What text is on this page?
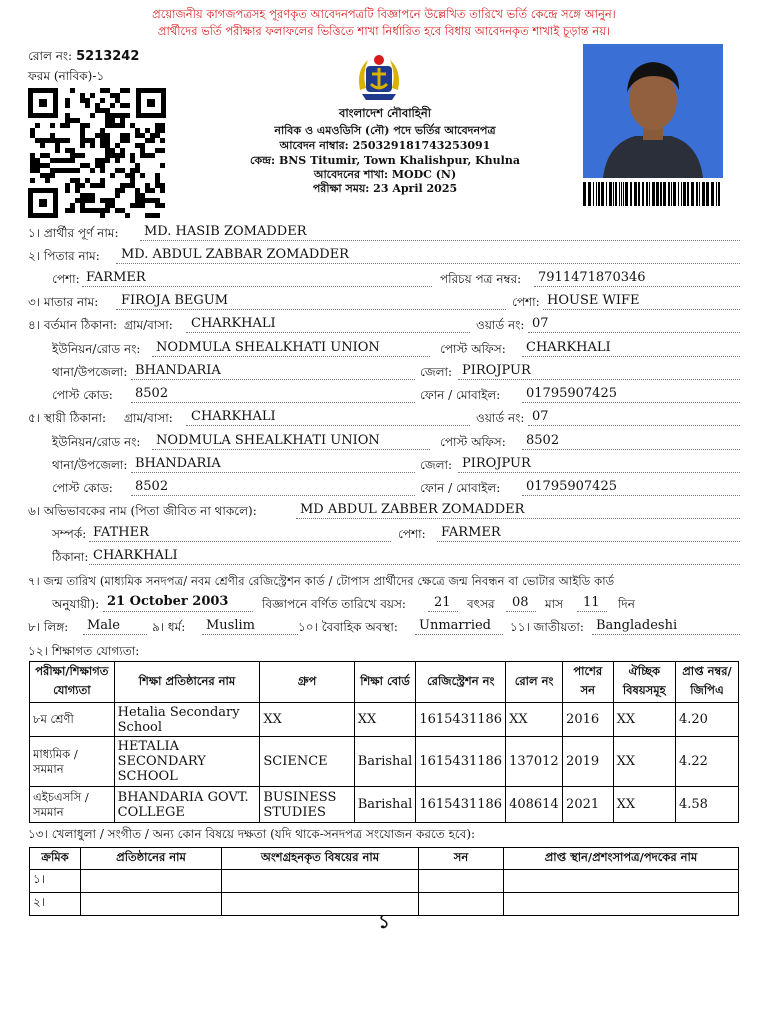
প্রয়োজনীয় কাগজপত্রসহ পূরণকৃত আবেদনপত্রটি বিজ্ঞাপনে উল্লেখিত তারিখে ভর্তি কেন্দ্রে সঙ্গে আনুন।
প্রার্থীদের ভর্তি পরীক্ষার ফলাফলের ভিত্তিতে শাখা নির্ধারিত হবে বিধায় আবেদনকৃত শাখাই চূড়ান্ত নয়।
রোল নং: 5213242
ফরম (নাবিক)-১
বাংলাদেশ নৌবাহিনী
নাবিক ও এমওডিসি (নৌ) পদে ভর্তির আবেদনপত্র
আবেদন নাম্বার: 250329181743253091
কেন্দ্র: BNS Titumir, Town Khalishpur, Khulna
আবেদনের শাখা: MODC (N)
পরীক্ষা সময়: 23 April 2025
১। প্রার্থীর পূর্ণ নাম: MD. HASIB ZOMADDER
২। পিতার নাম: MD. ABDUL ZABBAR ZOMADDER
পেশা: FARMER	পরিচয় পত্র নম্বর: 7911471870346
৩। মাতার নাম: FIROJA BEGUM	পেশা: HOUSE WIFE
৪। বর্তমান ঠিকানা: গ্রাম/বাসা: CHARKHALI	ওয়ার্ড নং: 07
ইউনিয়ন/রোড নং: NODMULA SHEALKHATI UNION	পোস্ট অফিস: CHARKHALI
থানা/উপজেলা: BHANDARIA	জেলা: PIROJPUR
পোস্ট কোড: 8502	ফোন / মোবাইল: 01795907425
৫। স্থায়ী ঠিকানা: গ্রাম/বাসা: CHARKHALI	ওয়ার্ড নং: 07
ইউনিয়ন/রোড নং: NODMULA SHEALKHATI UNION	পোস্ট অফিস: 8502
থানা/উপজেলা: BHANDARIA	জেলা: PIROJPUR
পোস্ট কোড: 8502	ফোন / মোবাইল: 01795907425
৬। অভিভাবকের নাম (পিতা জীবিত না থাকলে):	MD ABDUL ZABBER ZOMADDER
সম্পর্ক: FATHER	পেশা: FARMER
ঠিকানা: CHARKHALI
৭। জন্ম তারিখ (মাধ্যমিক সনদপত্র/ নবম শ্রেণীর রেজিস্ট্রেশন কার্ড / টোপাস প্রার্থীদের ক্ষেত্রে জন্ম নিবন্ধন বা ভোটার আইডি কার্ড
অনুযায়ী): 21 October 2003	বিজ্ঞাপনে বর্ণিত তারিখে বয়স: 21 বৎসর 08 মাস 11 দিন
৮। লিঙ্গ: Male	৯। ধর্ম: Muslim	১০। বৈবাহিক অবস্থা: Unmarried ১১। জাতীয়তা: Bangladeshi
১২। শিক্ষাগত যোগ্যতা:
পরীক্ষা/শিক্ষাগত যোগ্যতা	শিক্ষা প্রতিষ্ঠানের নাম	গ্রুপ	শিক্ষা বোর্ড	রেজিস্ট্রেশন নং	রোল নং	পাশের সন	ঐচ্ছিক বিষয়সমূহ	প্রাপ্ত নম্বর/জিপিএ
৮ম শ্রেণী	Hetalia Secondary School	XX	XX	1615431186	XX	2016	XX	4.20
মাধ্যমিক / সমমান	HETALIA SECONDARY SCHOOL	SCIENCE	Barishal	1615431186	137012	2019	XX	4.22
এইচএসসি / সমমান	BHANDARIA GOVT. COLLEGE	BUSINESS STUDIES	Barishal	1615431186	408614	2021	XX	4.58
১৩। খেলাধুলা / সংগীত / অন্য কোন বিষয়ে দক্ষতা (যদি থাকে-সনদপত্র সংযোজন করতে হবে):
ক্রমিক	প্রতিষ্ঠানের নাম	অংশগ্রহনকৃত বিষয়ের নাম	সন	প্রাপ্ত স্থান/প্রশংসাপত্র/পদকের নাম
১।				
২।				
১
